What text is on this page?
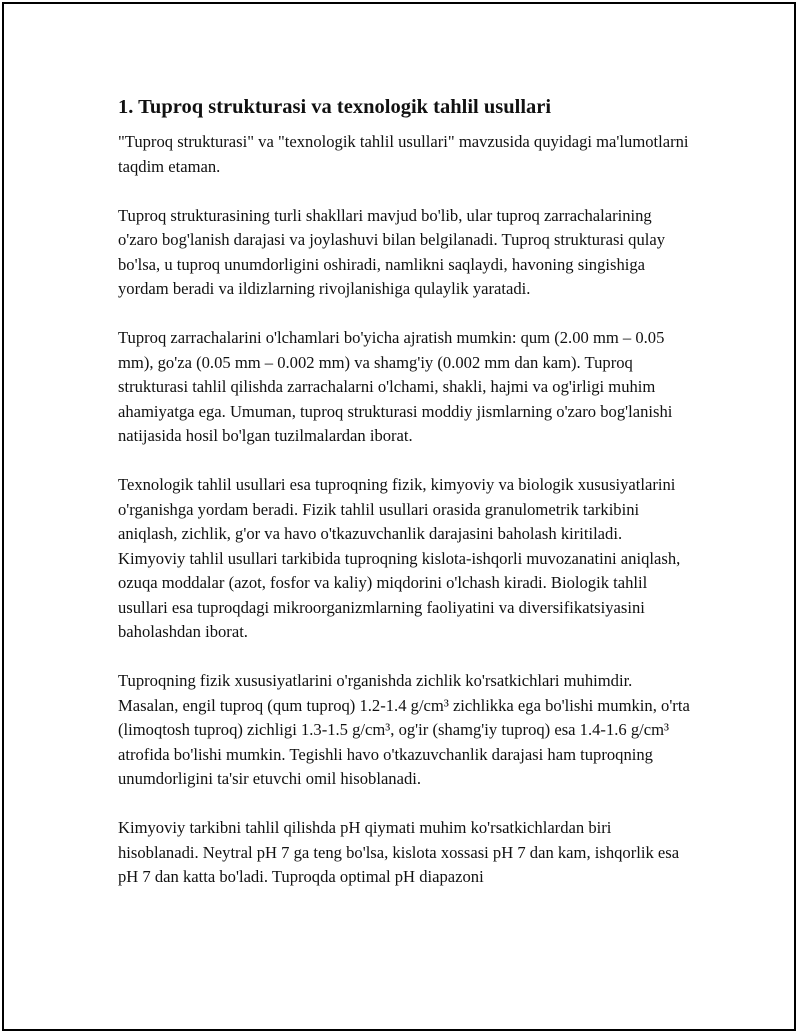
1. Tuproq strukturasi va texnologik tahlil usullari

"Tuproq strukturasi" va "texnologik tahlil usullari" mavzusida quyidagi ma'lumotlarni taqdim etaman.

Tuproq strukturasining turli shakllari mavjud bo'lib, ular tuproq zarrachalarining o'zaro bog'lanish darajasi va joylashuvi bilan belgilanadi. Tuproq strukturasi qulay bo'lsa, u tuproq unumdorligini oshiradi, namlikni saqlaydi, havoning singishiga yordam beradi va ildizlarning rivojlanishiga qulaylik yaratadi.

Tuproq zarrachalarini o'lchamlari bo'yicha ajratish mumkin: qum (2.00 mm – 0.05 mm), go'za (0.05 mm – 0.002 mm) va shamg'iy (0.002 mm dan kam). Tuproq strukturasi tahlil qilishda zarrachalarni o'lchami, shakli, hajmi va og'irligi muhim ahamiyatga ega. Umuman, tuproq strukturasi moddiy jismlarning o'zaro bog'lanishi natijasida hosil bo'lgan tuzilmalardan iborat.

Texnologik tahlil usullari esa tuproqning fizik, kimyoviy va biologik xususiyatlarini o'rganishga yordam beradi. Fizik tahlil usullari orasida granulometrik tarkibini aniqlash, zichlik, g'or va havo o'tkazuvchanlik darajasini baholash kiritiladi. Kimyoviy tahlil usullari tarkibida tuproqning kislota-ishqorli muvozanatini aniqlash, ozuqa moddalar (azot, fosfor va kaliy) miqdorini o'lchash kiradi. Biologik tahlil usullari esa tuproqdagi mikroorganizmlarning faoliyatini va diversifikatsiyasini baholashdan iborat.

Tuproqning fizik xususiyatlarini o'rganishda zichlik ko'rsatkichlari muhimdir. Masalan, engil tuproq (qum tuproq) 1.2-1.4 g/cm³ zichlikka ega bo'lishi mumkin, o'rta (limoqtosh tuproq) zichligi 1.3-1.5 g/cm³, og'ir (shamg'iy tuproq) esa 1.4-1.6 g/cm³ atrofida bo'lishi mumkin. Tegishli havo o'tkazuvchanlik darajasi ham tuproqning unumdorligini ta'sir etuvchi omil hisoblanadi.

Kimyoviy tarkibni tahlil qilishda pH qiymati muhim ko'rsatkichlardan biri hisoblanadi. Neytral pH 7 ga teng bo'lsa, kislota xossasi pH 7 dan kam, ishqorlik esa pH 7 dan katta bo'ladi. Tuproqda optimal pH diapazoni
